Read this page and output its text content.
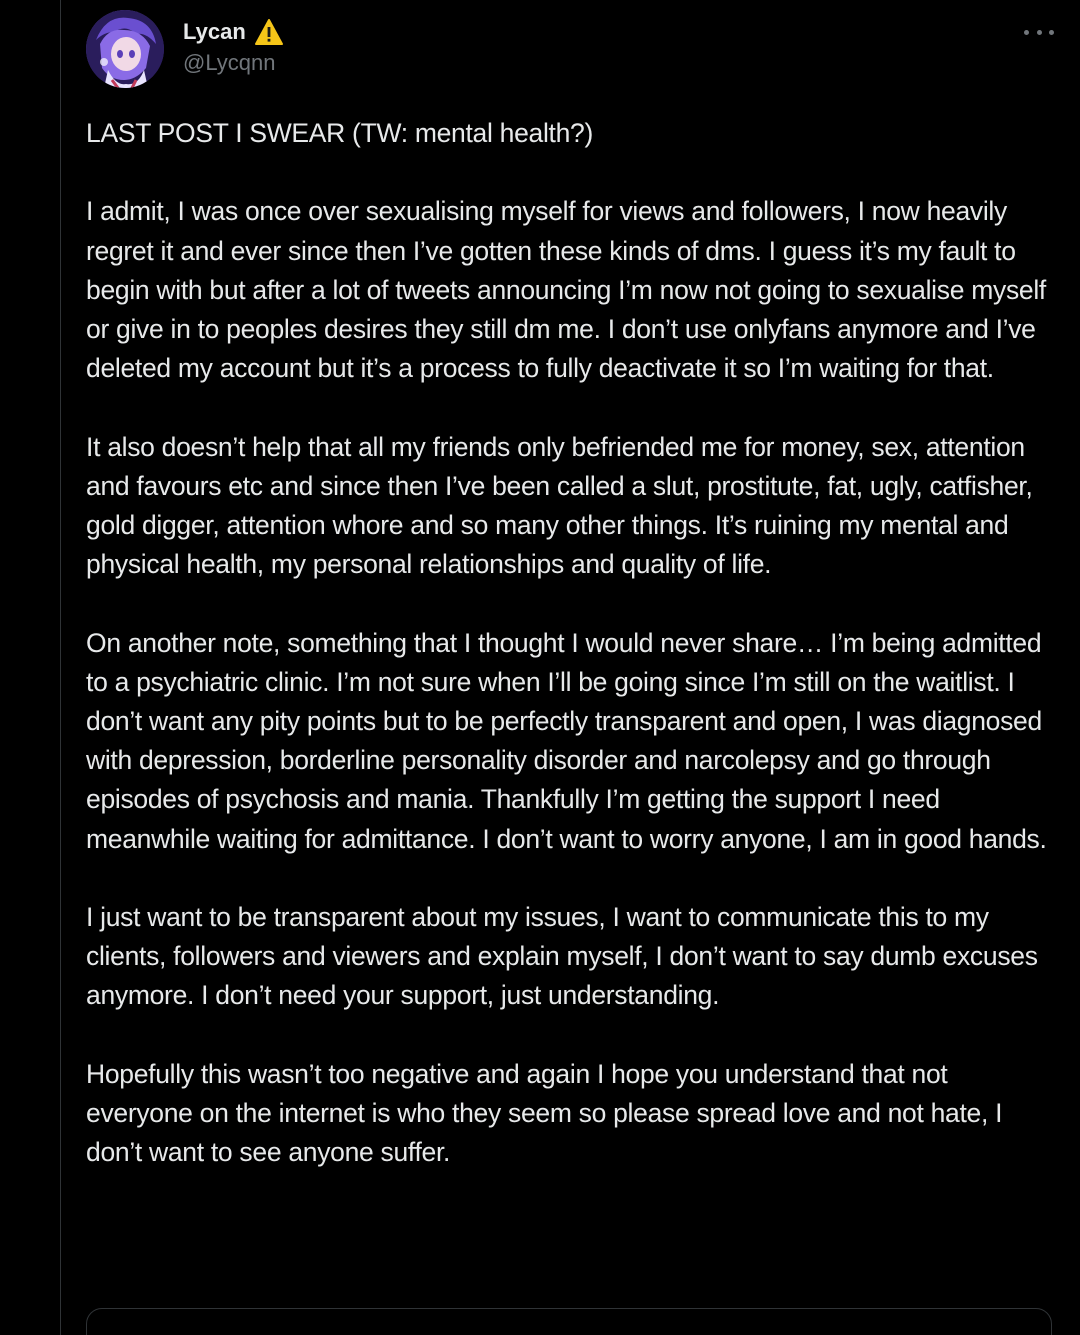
Lycan
@Lycqnn

LAST POST I SWEAR (TW: mental health?)

I admit, I was once over sexualising myself for views and followers, I now heavily regret it and ever since then I’ve gotten these kinds of dms. I guess it’s my fault to begin with but after a lot of tweets announcing I’m now not going to sexualise myself or give in to peoples desires they still dm me. I don’t use onlyfans anymore and I’ve deleted my account but it’s a process to fully deactivate it so I’m waiting for that.

It also doesn’t help that all my friends only befriended me for money, sex, attention and favours etc and since then I’ve been called a slut, prostitute, fat, ugly, catfisher, gold digger, attention whore and so many other things. It’s ruining my mental and physical health, my personal relationships and quality of life.

On another note, something that I thought I would never share… I’m being admitted to a psychiatric clinic. I’m not sure when I’ll be going since I’m still on the waitlist. I don’t want any pity points but to be perfectly transparent and open, I was diagnosed with depression, borderline personality disorder and narcolepsy and go through episodes of psychosis and mania. Thankfully I’m getting the support I need meanwhile waiting for admittance. I don’t want to worry anyone, I am in good hands.

I just want to be transparent about my issues, I want to communicate this to my clients, followers and viewers and explain myself, I don’t want to say dumb excuses anymore. I don’t need your support, just understanding.

Hopefully this wasn’t too negative and again I hope you understand that not everyone on the internet is who they seem so please spread love and not hate, I don’t want to see anyone suffer.
